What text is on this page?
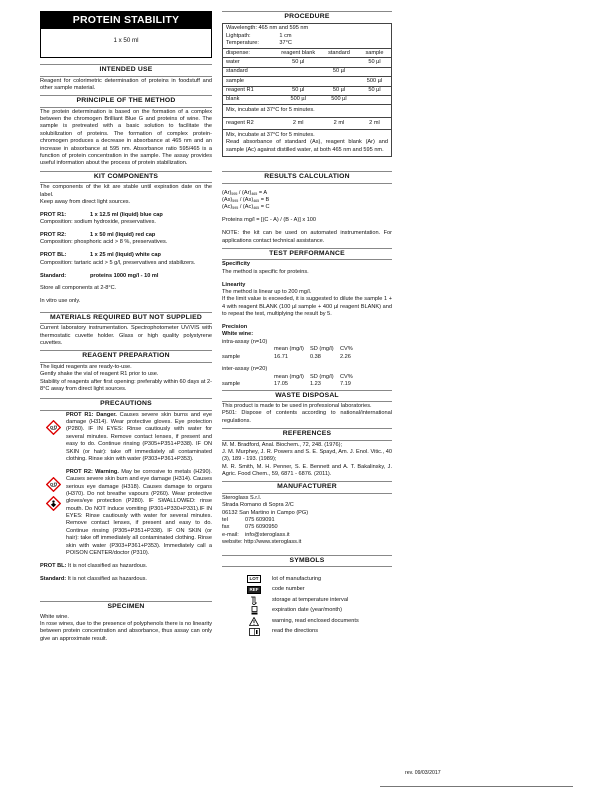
PROTEIN STABILITY
1 x 50 ml
INTENDED USE

Reagent for colorimetric determination of proteins in foodstuff and other sample material.

PRINCIPLE OF THE METHOD

The protein determination is based on the formation of a complex between the chromogen Brilliant Blue G and proteins of wine. The sample is pretreated with a basic solution to facilitate the solubilization of proteins. The formation of complex protein-chromogen produces a decrease in absorbance at 465 nm and an increase in absorbance at 595 nm. Absorbance ratio 595/465 is a function of protein concentration in the sample. The assay provides useful information about the process of protein stabilization.

KIT COMPONENTS

The components of the kit are stable until expiration date on the label.

Keep away from direct light sources.

PROT R1:	1 x 12.5 ml (liquid) blue cap

Composition: sodium hydroxide, preservatives.

PROT R2:	1 x 50 ml (liquid) red cap

Composition: phosphoric acid > 8 %, preservatives.

PROT BL:	1 x 25 ml (liquid) white cap

Composition: tartaric acid > 5 g/l, preservatives and stabilizers.

Standard:	proteins 1000 mg/l - 10 ml

Store all components at 2-8°C.

In vitro use only.

MATERIALS REQUIRED BUT NOT SUPPLIED

Current laboratory instrumentation. Spectrophotometer UV/VIS with thermostatic cuvette holder. Glass or high quality polystyrene cuvettes.

REAGENT PREPARATION

The liquid reagents are ready-to-use.

Gently shake the vial of reagent R1 prior to use.

Stability of reagents after first opening: preferably within 60 days at 2-8°C away from direct light sources.

PRECAUTIONS

PROT R1: Danger. Causes severe skin burns and eye damage (H314). Wear protective gloves. Eye protection (P280). IF IN EYES: Rinse cautiously with water for several minutes. Remove contact lenses, if present and easy to do. Continue rinsing (P305+P351+P338). IF ON SKIN (or hair): take off immediately all contaminated clothing. Rinse skin with water (P303+P361+P353).

PROT R2: Warning. May be corrosive to metals (H290). Causes severe skin burn and eye damage (H314). Causes serious eye damage (H318). Causes damage to organs (H370). Do not breathe vapours (P260). Wear protective gloves/eye protection (P280). IF SWALLOWED: rinse mouth. Do NOT induce vomiting (P301+P330+P331).IF IN EYES: Rinse cautiously with water for several minutes. Remove contact lenses, if present and easy to do. Continue rinsing (P305+P351+P338). IF ON SKIN (or hair): take off immediately all contaminated clothing. Rinse skin with water (P303+P361+P353). Immediately call a POISON CENTER/doctor (P310).

PROT BL: It is not classified as hazardous.

Standard: It is not classified as hazardous.

SPECIMEN

White wine.

In rose wines, due to the presence of polyphenols there is no linearity between protein concentration and absorbance, thus assay can only give an approximate result.

PROCEDURE
Wavelength: 465 nm and 595 nm			
Lightpath:	1 cm		
Temperature:	37°C		
dispense:	reagent blank	standard	sample
water	50 µl		50 µl
standard		50 µl	
sample			500 µl
reagent R1	50 µl	50 µl	50 µl
blank	500 µl	500 µl	
Mix, incubate at 37°C for 5 minutes.			
reagent R2	2 ml	2 ml	2 ml

Mix, incubate at 37°C for 5 minutes.

Read absorbance of standard (As), reagent blank (Ar) and sample (Ac) against distilled water, at both 465 nm and 595 nm.			

RESULTS CALCULATION
$(Ar)_{595} / (Ar)_{465} = A$
$(As)_{595} / (As)_{465} = B$
$(Ac)_{595} / (Ac)_{465} = C$
Proteins mg/l = [(C - A) / (B - A)] x 100

NOTE: the kit can be used on automated instrumentation. For applications contact technical assistance.

TEST PERFORMANCE
Specificity

The method is specific for proteins.

Linearity

The method is linear up to 200 mg/l.

If the limit value is exceeded, it is suggested to dilute the sample 1 + 4 with reagent BLANK (100 µl sample + 400 µl reagent BLANK) and to repeat the test, multiplying the result by 5.

Precision
White wine:
intra-assay (n=10)
mean (mg/l)	SD (mg/l)	CV%
sample	16.71	0.38	2.26
inter-assay (n=20)
mean (mg/l)	SD (mg/l)	CV%
sample	17.05	1.23	7.19
WASTE DISPOSAL

This product is made to be used in professional laboratories.

P501: Dispose of contents according to national/international regulations.

REFERENCES

M. M. Bradford, Anal. Biochem., 72, 248. (1976);

J. M. Murphey, J. R. Powers and S. E. Spayd, Am. J. Enol. Vitic., 40 (3), 189 - 193. (1989);

M. R. Smith, M. H. Penner, S. E. Bennett and A. T. Bakalinsky, J. Agric. Food Chem., 59, 6871 - 6876. (2011).

MANUFACTURER
Steroglass S.r.l.
Strada Romano di Sopra 2/C
06132 San Martino in Campo (PG)
tel	075 609091
fax	075 6090950
e-mail: info@steroglass.it
website: http://www.steroglass.it
SYMBOLS
LOT	lot of manufacturing
REF	code number
storage at temperature interval
expiration date (year/month)
warning, read enclosed documents
read the directions
rev. 09/03/2017
